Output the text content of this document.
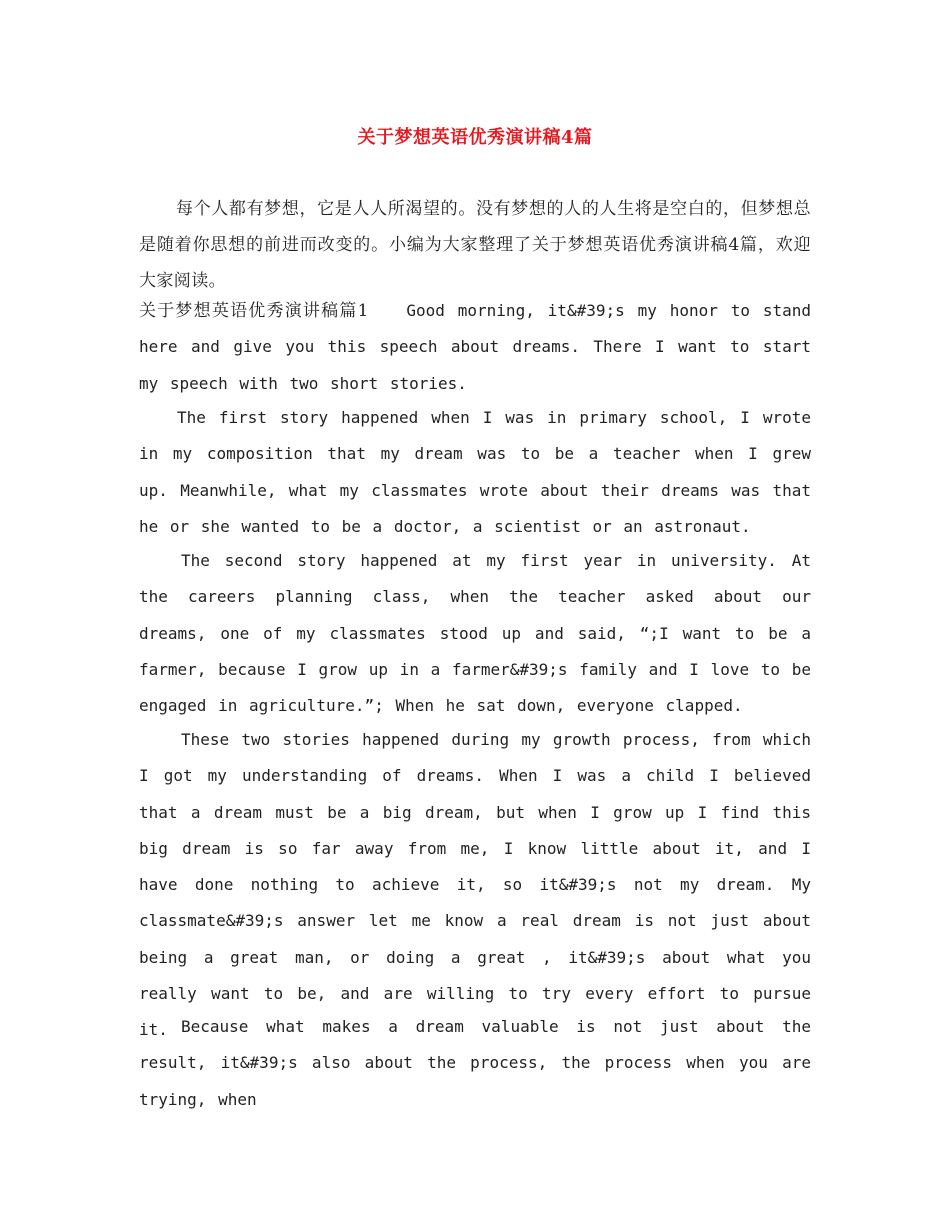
关于梦想英语优秀演讲稿4篇
每个人都有梦想，它是人人所渴望的。没有梦想的人的人生将是空白的，但梦想总是随着你思想的前进而改变的。小编为大家整理了关于梦想英语优秀演讲稿4篇，欢迎大家阅读。
关于梦想英语优秀演讲稿篇1 Good morning, it&#39;s my honor to stand here and give you this speech about dreams. There I want to start my speech with two short stories.
The first story happened when I was in primary school, I wrote in my composition that my dream was to be a teacher when I grew up. Meanwhile, what my classmates wrote about their dreams was that he or she wanted to be a doctor, a scientist or an astronaut.
The second story happened at my first year in university. At the careers planning class, when the teacher asked about our dreams, one of my classmates stood up and said, “;I want to be a farmer, because I grow up in a farmer&#39;s family and I love to be engaged in agriculture.”; When he sat down, everyone clapped.
These two stories happened during my growth process, from which I got my understanding of dreams. When I was a child I believed that a dream must be a big dream, but when I grow up I find this big dream is so far away from me, I know little about it, and I have done nothing to achieve it, so it&#39;s not my dream. My classmate&#39;s answer let me know a real dream is not just about being a great man, or doing a great , it&#39;s about what you really want to be, and are willing to try every effort to pursue it. Because what makes a dream valuable is not just about the result, it&#39;s also about the process, the process when you are trying, when
